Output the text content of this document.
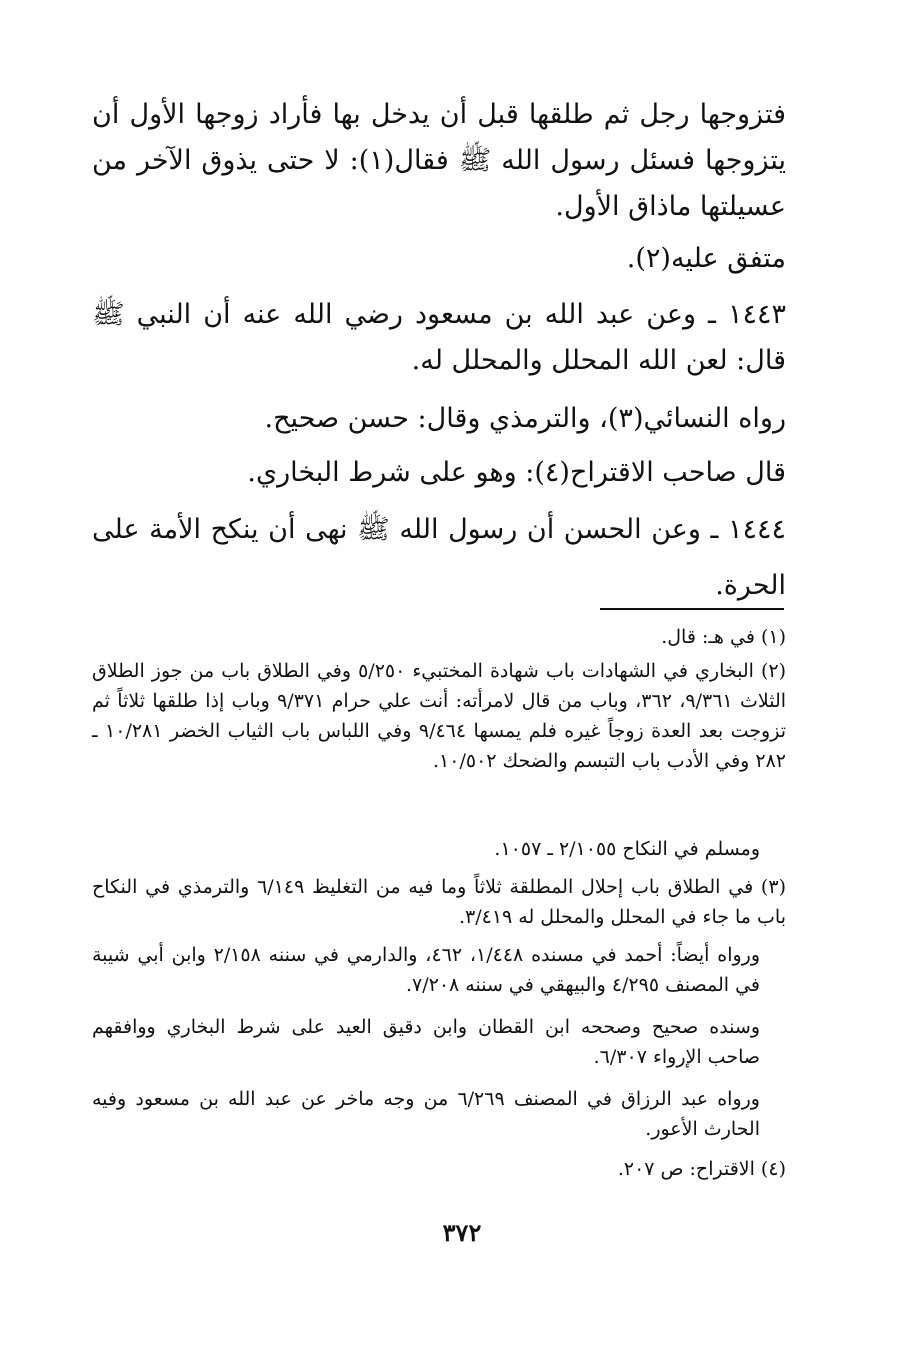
فتزوجها رجل ثم طلقها قبل أن يدخل بها فأراد زوجها الأول أن يتزوجها فسئل رسول الله ﷺ فقال(١): لا حتى يذوق الآخر من عسيلتها ماذاق الأول.

متفق عليه(٢).

١٤٤٣ ـ وعن عبد الله بن مسعود رضي الله عنه أن النبي ﷺ قال: لعن الله المحلل والمحلل له.

رواه النسائي(٣)، والترمذي وقال: حسن صحيح.

قال صاحب الاقتراح(٤): وهو على شرط البخاري.

١٤٤٤ ـ وعن الحسن أن رسول الله ﷺ نهى أن ينكح الأمة على الحرة.

(١) في هـ: قال.
(٢) البخاري في الشهادات باب شهادة المختبيء ٥/٢٥٠ وفي الطلاق باب من جوز الطلاق الثلاث ٩/٣٦١، ٣٦٢، وباب من قال لامرأته: أنت علي حرام ٩/٣٧١ وباب إذا طلقها ثلاثاً ثم تزوجت بعد العدة زوجاً غيره فلم يمسها ٩/٤٦٤ وفي اللباس باب الثياب الخضر ١٠/٢٨١ ـ ٢٨٢ وفي الأدب باب التبسم والضحك ١٠/٥٠٢.
ومسلم في النكاح ٢/١٠٥٥ ـ ١٠٥٧.
(٣) في الطلاق باب إحلال المطلقة ثلاثاً وما فيه من التغليظ ٦/١٤٩ والترمذي في النكاح باب ما جاء في المحلل والمحلل له ٣/٤١٩.
ورواه أيضاً: أحمد في مسنده ١/٤٤٨، ٤٦٢، والدارمي في سننه ٢/١٥٨ وابن أبي شيبة في المصنف ٤/٢٩٥ والبيهقي في سننه ٧/٢٠٨.
وسنده صحيح وصححه ابن القطان وابن دقيق العيد على شرط البخاري ووافقهم صاحب الإرواء ٦/٣٠٧.
ورواه عبد الرزاق في المصنف ٦/٢٦٩ من وجه ماخر عن عبد الله بن مسعود وفيه الحارث الأعور.
(٤) الاقتراح: ص ٢٠٧.
٣٧٢
